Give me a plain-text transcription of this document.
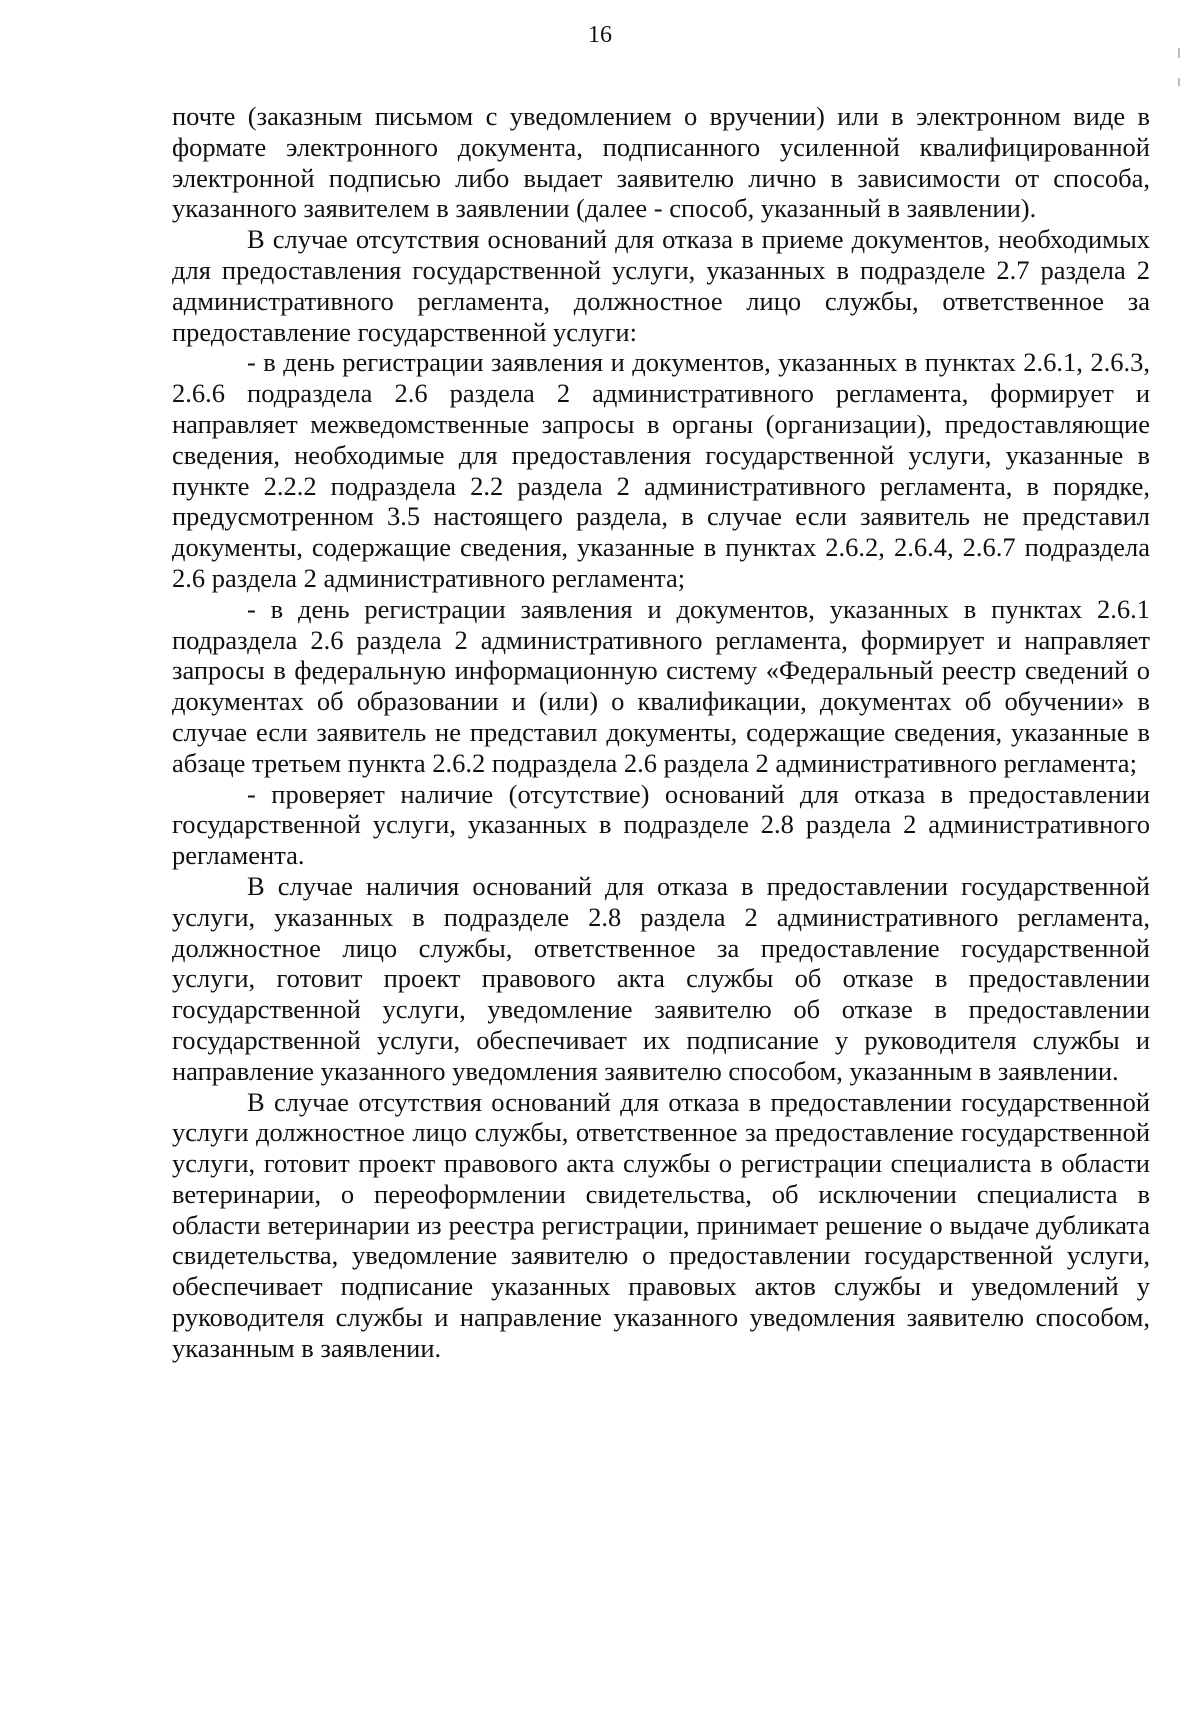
16

почте (заказным письмом с уведомлением о вручении) или в электронном виде в формате электронного документа, подписанного усиленной квалифицированной электронной подписью либо выдает заявителю лично в зависимости от способа, указанного заявителем в заявлении (далее - способ, указанный в заявлении).

В случае отсутствия оснований для отказа в приеме документов, необходимых для предоставления государственной услуги, указанных в подразделе 2.7 раздела 2 административного регламента, должностное лицо службы, ответственное за предоставление государственной услуги:

- в день регистрации заявления и документов, указанных в пунктах 2.6.1, 2.6.3, 2.6.6 подраздела 2.6 раздела 2 административного регламента, формирует и направляет межведомственные запросы в органы (организации), предоставляющие сведения, необходимые для предоставления государственной услуги, указанные в пункте 2.2.2 подраздела 2.2 раздела 2 административного регламента, в порядке, предусмотренном 3.5 настоящего раздела, в случае если заявитель не представил документы, содержащие сведения, указанные в пунктах 2.6.2, 2.6.4, 2.6.7 подраздела 2.6 раздела 2 административного регламента;

- в день регистрации заявления и документов, указанных в пунктах 2.6.1 подраздела 2.6 раздела 2 административного регламента, формирует и направляет запросы в федеральную информационную систему «Федеральный реестр сведений о документах об образовании и (или) о квалификации, документах об обучении» в случае если заявитель не представил документы, содержащие сведения, указанные в абзаце третьем пункта 2.6.2 подраздела 2.6 раздела 2 административного регламента;

- проверяет наличие (отсутствие) оснований для отказа в предоставлении государственной услуги, указанных в подразделе 2.8 раздела 2 административного регламента.

В случае наличия оснований для отказа в предоставлении государственной услуги, указанных в подразделе 2.8 раздела 2 административного регламента, должностное лицо службы, ответственное за предоставление государственной услуги, готовит проект правового акта службы об отказе в предоставлении государственной услуги, уведомление заявителю об отказе в предоставлении государственной услуги, обеспечивает их подписание у руководителя службы и направление указанного уведомления заявителю способом, указанным в заявлении.

В случае отсутствия оснований для отказа в предоставлении государственной услуги должностное лицо службы, ответственное за предоставление государственной услуги, готовит проект правового акта службы о регистрации специалиста в области ветеринарии, о переоформлении свидетельства, об исключении специалиста в области ветеринарии из реестра регистрации, принимает решение о выдаче дубликата свидетельства, уведомление заявителю о предоставлении государственной услуги, обеспечивает подписание указанных правовых актов службы и уведомлений у руководителя службы и направление указанного уведомления заявителю способом, указанным в заявлении.
